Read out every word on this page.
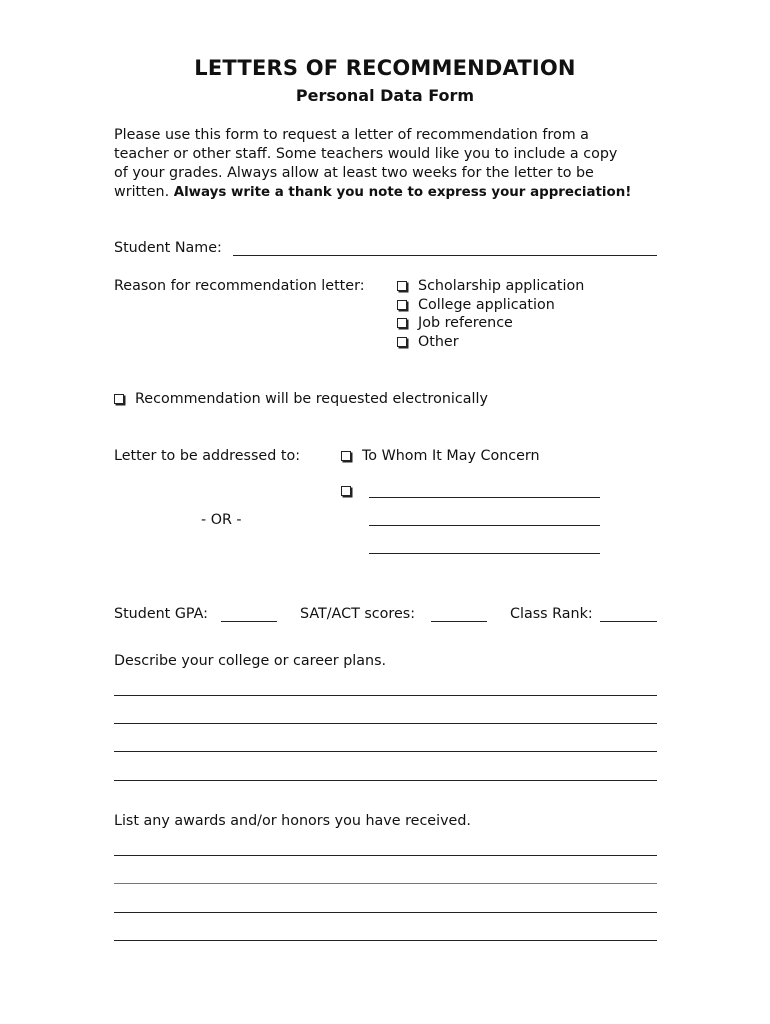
LETTERS OF RECOMMENDATION
Personal Data Form
Please use this form to request a letter of recommendation from a
teacher or other staff. Some teachers would like you to include a copy
of your grades. Always allow at least two weeks for the letter to be
written. Always write a thank you note to express your appreciation!
Student Name:
Reason for recommendation letter:	Scholarship application
College application
Job reference
Other
Recommendation will be requested electronically
Letter to be addressed to:	To Whom It May Concern
- OR -
Student GPA:	SAT/ACT scores:	Class Rank:
Describe your college or career plans.
List any awards and/or honors you have received.
